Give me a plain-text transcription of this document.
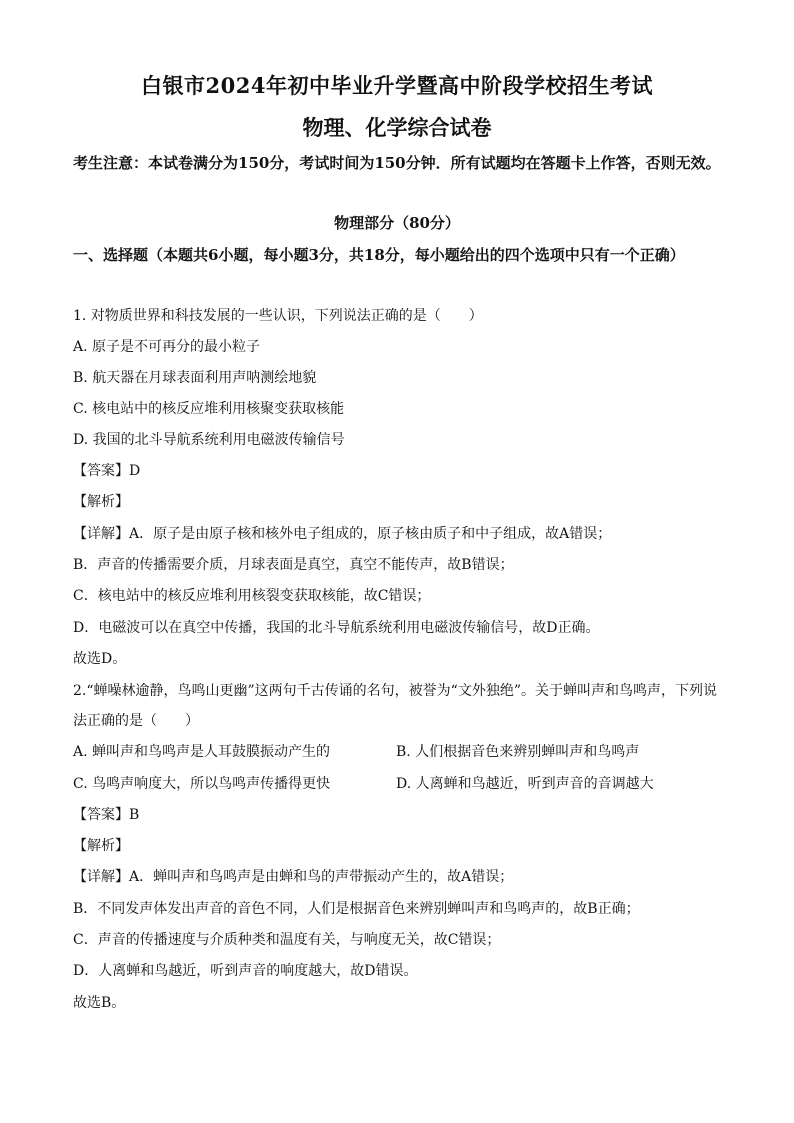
白银市2024年初中毕业升学暨高中阶段学校招生考试
物理、化学综合试卷
考生注意：本试卷满分为150分，考试时间为150分钟．所有试题均在答题卡上作答，否则无效。
物理部分（80分）
一、选择题（本题共6小题，每小题3分，共18分，每小题给出的四个选项中只有一个正确）
1. 对物质世界和科技发展的一些认识，下列说法正确的是（　　）
A. 原子是不可再分的最小粒子
B. 航天器在月球表面利用声呐测绘地貌
C. 核电站中的核反应堆利用核聚变获取核能
D. 我国的北斗导航系统利用电磁波传输信号
【答案】D
【解析】
【详解】A．原子是由原子核和核外电子组成的，原子核由质子和中子组成，故A错误；
B．声音的传播需要介质，月球表面是真空，真空不能传声，故B错误；
C．核电站中的核反应堆利用核裂变获取核能，故C错误；
D．电磁波可以在真空中传播，我国的北斗导航系统利用电磁波传输信号，故D正确。
故选D。
2.“蝉噪林逾静，鸟鸣山更幽”这两句千古传诵的名句，被誉为“文外独绝”。关于蝉叫声和鸟鸣声，下列说法正确的是（　　）
A. 蝉叫声和鸟鸣声是人耳鼓膜振动产生的	B. 人们根据音色来辨别蝉叫声和鸟鸣声
C. 鸟鸣声响度大，所以鸟鸣声传播得更快	D. 人离蝉和鸟越近，听到声音的音调越大
【答案】B
【解析】
【详解】A．蝉叫声和鸟鸣声是由蝉和鸟的声带振动产生的，故A错误；
B．不同发声体发出声音的音色不同，人们是根据音色来辨别蝉叫声和鸟鸣声的，故B正确；
C．声音的传播速度与介质种类和温度有关，与响度无关，故C错误；
D．人离蝉和鸟越近，听到声音的响度越大，故D错误。
故选B。
